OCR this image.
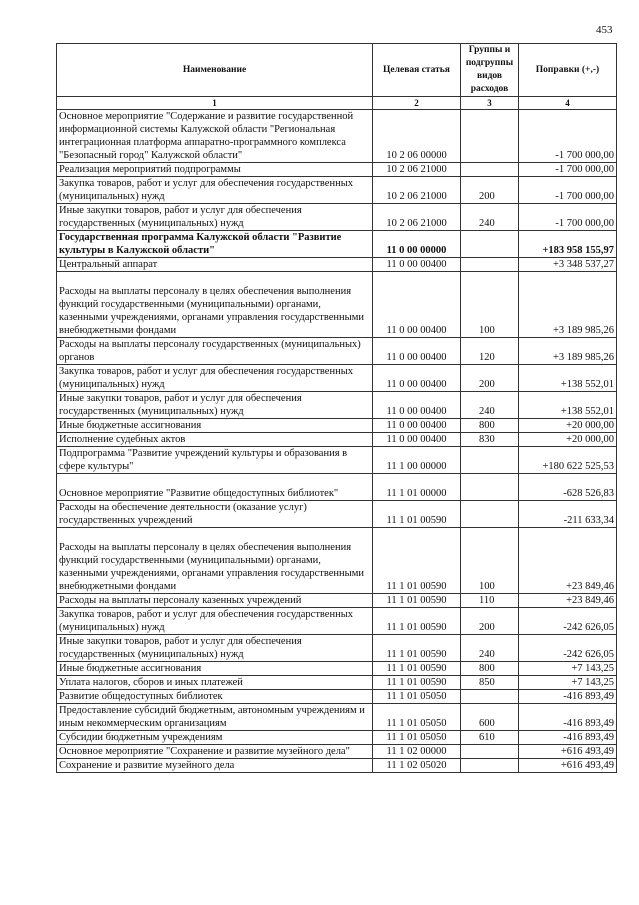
453
Наименование	Целевая статья	Группы и подгруппы видов расходов	Поправки (+,-)
1	2	3	4
Основное мероприятие "Содержание и развитие государственной информационной системы Калужской области "Региональная интеграционная платформа аппаратно-программного комплекса "Безопасный город" Калужской области"	10 2 06 00000		-1 700 000,00
Реализация мероприятий подпрограммы	10 2 06 21000		-1 700 000,00
Закупка товаров, работ и услуг для обеспечения государственных (муниципальных) нужд	10 2 06 21000	200	-1 700 000,00
Иные закупки товаров, работ и услуг для обеспечения государственных (муниципальных) нужд	10 2 06 21000	240	-1 700 000,00
Государственная программа Калужской области "Развитие культуры в Калужской области"	11 0 00 00000		+183 958 155,97
Центральный аппарат	11 0 00 00400		+3 348 537,27
Расходы на выплаты персоналу в целях обеспечения выполнения функций государственными (муниципальными) органами, казенными учреждениями, органами управления государственными внебюджетными фондами	11 0 00 00400	100	+3 189 985,26
Расходы на выплаты персоналу государственных (муниципальных) органов	11 0 00 00400	120	+3 189 985,26
Закупка товаров, работ и услуг для обеспечения государственных (муниципальных) нужд	11 0 00 00400	200	+138 552,01
Иные закупки товаров, работ и услуг для обеспечения государственных (муниципальных) нужд	11 0 00 00400	240	+138 552,01
Иные бюджетные ассигнования	11 0 00 00400	800	+20 000,00
Исполнение судебных актов	11 0 00 00400	830	+20 000,00
Подпрограмма "Развитие учреждений культуры и образования в сфере культуры"	11 1 00 00000		+180 622 525,53
Основное мероприятие "Развитие общедоступных библиотек"	11 1 01 00000		-628 526,83
Расходы на обеспечение деятельности (оказание услуг) государственных учреждений	11 1 01 00590		-211 633,34
Расходы на выплаты персоналу в целях обеспечения выполнения функций государственными (муниципальными) органами, казенными учреждениями, органами управления государственными внебюджетными фондами	11 1 01 00590	100	+23 849,46
Расходы на выплаты персоналу казенных учреждений	11 1 01 00590	110	+23 849,46
Закупка товаров, работ и услуг для обеспечения государственных (муниципальных) нужд	11 1 01 00590	200	-242 626,05
Иные закупки товаров, работ и услуг для обеспечения государственных (муниципальных) нужд	11 1 01 00590	240	-242 626,05
Иные бюджетные ассигнования	11 1 01 00590	800	+7 143,25
Уплата налогов, сборов и иных платежей	11 1 01 00590	850	+7 143,25
Развитие общедоступных библиотек	11 1 01 05050		-416 893,49
Предоставление субсидий бюджетным, автономным учреждениям и иным некоммерческим организациям	11 1 01 05050	600	-416 893,49
Субсидии бюджетным учреждениям	11 1 01 05050	610	-416 893,49
Основное мероприятие "Сохранение и развитие музейного дела"	11 1 02 00000		+616 493,49
Сохранение и развитие музейного дела	11 1 02 05020		+616 493,49
